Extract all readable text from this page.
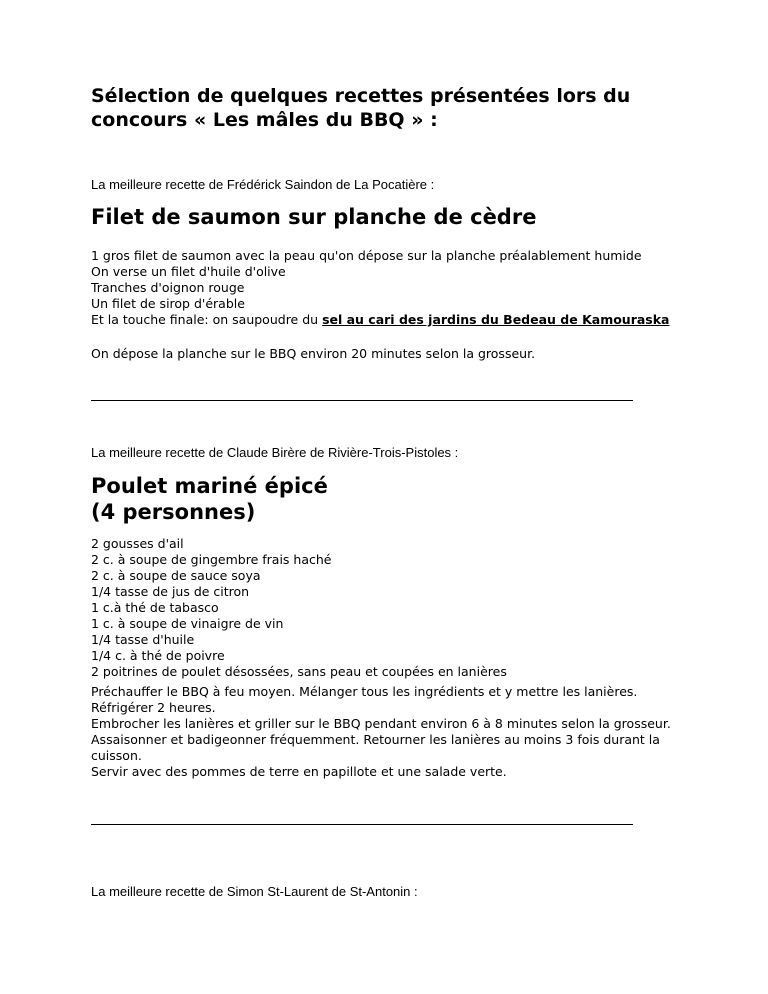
Sélection de quelques recettes présentées lors du concours « Les mâles du BBQ » :

La meilleure recette de Frédérick Saindon de La Pocatière :

Filet de saumon sur planche de cèdre
1 gros filet de saumon avec la peau qu'on dépose sur la planche préalablement humide
On verse un filet d'huile d'olive
Tranches d'oignon rouge
Un filet de sirop d'érable
Et la touche finale: on saupoudre du sel au cari des jardins du Bedeau de Kamouraska

On dépose la planche sur le BBQ environ 20 minutes selon la grosseur.

La meilleure recette de Claude Birère de Rivière-Trois-Pistoles :

Poulet mariné épicé
(4 personnes)
2 gousses d'ail
2 c. à soupe de gingembre frais haché
2 c. à soupe de sauce soya
1/4 tasse de jus de citron
1 c.à thé de tabasco
1 c. à soupe de vinaigre de vin
1/4 tasse d'huile
1/4 c. à thé de poivre
2 poitrines de poulet désossées, sans peau et coupées en lanières
Préchauffer le BBQ à feu moyen. Mélanger tous les ingrédients et y mettre les lanières.
Réfrigérer 2 heures.
Embrocher les lanières et griller sur le BBQ pendant environ 6 à 8 minutes selon la grosseur.
Assaisonner et badigeonner fréquemment. Retourner les lanières au moins 3 fois durant la
cuisson.
Servir avec des pommes de terre en papillote et une salade verte.

La meilleure recette de Simon St-Laurent de St-Antonin :
